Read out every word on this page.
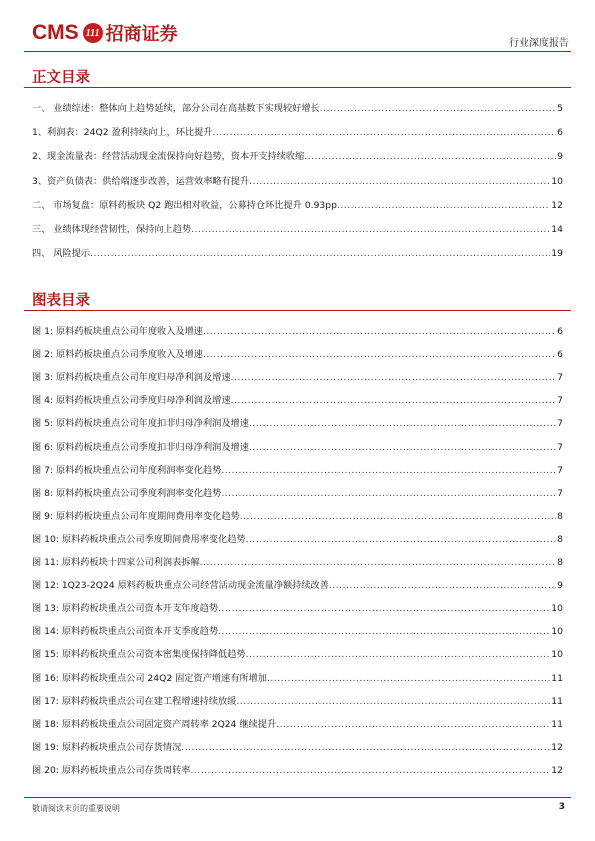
CMS 111 招商证券	行业深度报告
正文目录
一、 业绩综述：整体向上趋势延续，部分公司在高基数下实现较好增长 .....	5
1、利润表：24Q2 盈利持续向上，环比提升 .....	6
2、现金流量表：经营活动现金流保持向好趋势，资本开支持续收缩 .....	9
3、资产负债表：供给端逐步改善，运营效率略有提升 .....	10
二、 市场复盘：原料药板块 Q2 跑出相对收益，公募持仓环比提升 0.93pp .....	12
三、 业绩体现经营韧性，保持向上趋势 .....	14
四、 风险提示 .....	19
图表目录
图 1: 原料药板块重点公司年度收入及增速 .....	6
图 2: 原料药板块重点公司季度收入及增速 .....	6
图 3: 原料药板块重点公司年度归母净利润及增速 .....	7
图 4: 原料药板块重点公司季度归母净利润及增速 .....	7
图 5: 原料药板块重点公司年度扣非归母净利润及增速 .....	7
图 6: 原料药板块重点公司季度扣非归母净利润及增速 .....	7
图 7: 原料药板块重点公司年度利润率变化趋势 .....	7
图 8: 原料药板块重点公司季度利润率变化趋势 .....	7
图 9: 原料药板块重点公司年度期间费用率变化趋势 .....	8
图 10: 原料药板块重点公司季度期间费用率变化趋势 .....	8
图 11: 原料药板块十四家公司利润表拆解 .....	8
图 12: 1Q23-2Q24 原料药板块重点公司经营活动现金流量净额持续改善 .....	9
图 13: 原料药板块重点公司资本开支年度趋势 .....	10
图 14: 原料药板块重点公司资本开支季度趋势 .....	10
图 15: 原料药板块重点公司资本密集度保持降低趋势 .....	10
图 16: 原料药板块重点公司 24Q2 固定资产增速有所增加 .....	11
图 17: 原料药板块重点公司在建工程增速持续放缓 .....	11
图 18: 原料药板块重点公司固定资产周转率 2Q24 继续提升 .....	11
图 19: 原料药板块重点公司存货情况 .....	12
图 20: 原料药板块重点公司存货周转率 .....	12
敬请阅读末页的重要说明	3
